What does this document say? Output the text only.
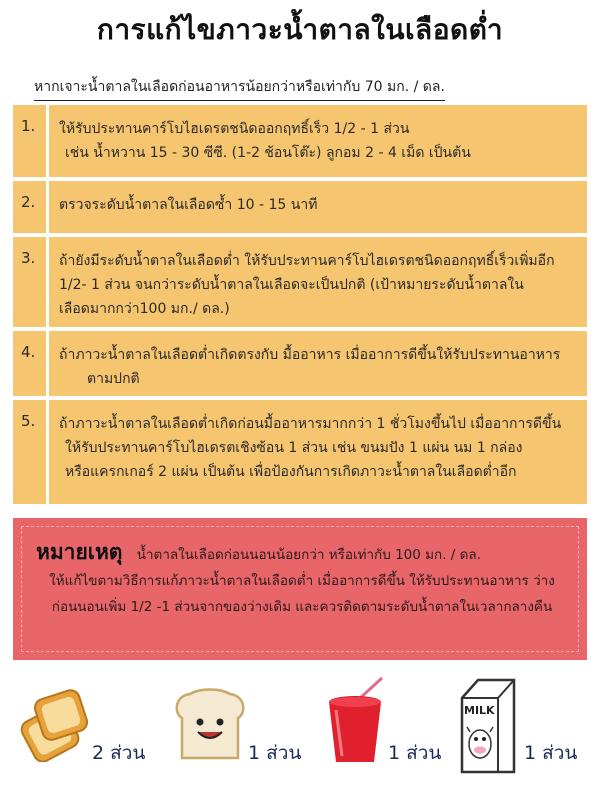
การแก้ไขภาวะน้ำตาลในเลือดต่ำ
หากเจาะน้ำตาลในเลือดก่อนอาหารน้อยกว่าหรือเท่ากับ 70 มก. / ดล.
1.	ให้รับประทานคาร์โบไฮเดรตชนิดออกฤทธิ์เร็ว 1/2 - 1 ส่วน
เช่น น้ำหวาน 15 - 30 ซีซี. (1-2 ช้อนโต๊ะ) ลูกอม 2 - 4 เม็ด เป็นต้น
2.	ตรวจระดับน้ำตาลในเลือดซ้ำ 10 - 15 นาที
3.	ถ้ายังมีระดับน้ำตาลในเลือดต่ำ ให้รับประทานคาร์โบไฮเดรตชนิดออกฤทธิ์เร็วเพิ่มอีก
1/2- 1 ส่วน จนกว่าระดับน้ำตาลในเลือดจะเป็นปกติ (เป้าหมายระดับน้ำตาลใน
เลือดมากกว่า100 มก./ ดล.)
4.	ถ้าภาวะน้ำตาลในเลือดต่ำเกิดตรงกับ มื้ออาหาร เมื่ออาการดีขึ้นให้รับประทานอาหาร
ตามปกติ
5.	ถ้าภาวะน้ำตาลในเลือดต่ำเกิดก่อนมื้ออาหารมากกว่า 1 ชั่วโมงขึ้นไป เมื่ออาการดีขึ้น
ให้รับประทานคาร์โบไฮเดรตเชิงซ้อน 1 ส่วน เช่น ขนมปัง 1 แผ่น นม 1 กล่อง
หรือแครกเกอร์ 2 แผ่น เป็นต้น เพื่อป้องกันการเกิดภาวะน้ำตาลในเลือดต่ำอีก
หมายเหตุ น้ำตาลในเลือดก่อนนอนน้อยกว่า หรือเท่ากับ 100 มก. / ดล.
ให้แก้ไขตามวิธีการแก้ภาวะน้ำตาลในเลือดต่ำ เมื่ออาการดีขึ้น ให้รับประทานอาหาร ว่าง
ก่อนนอนเพิ่ม 1/2 -1 ส่วนจากของว่างเดิม และควรติดตามระดับน้ำตาลในเวลากลางคืน
2 ส่วน	1 ส่วน	1 ส่วน
MILK
1 ส่วน
